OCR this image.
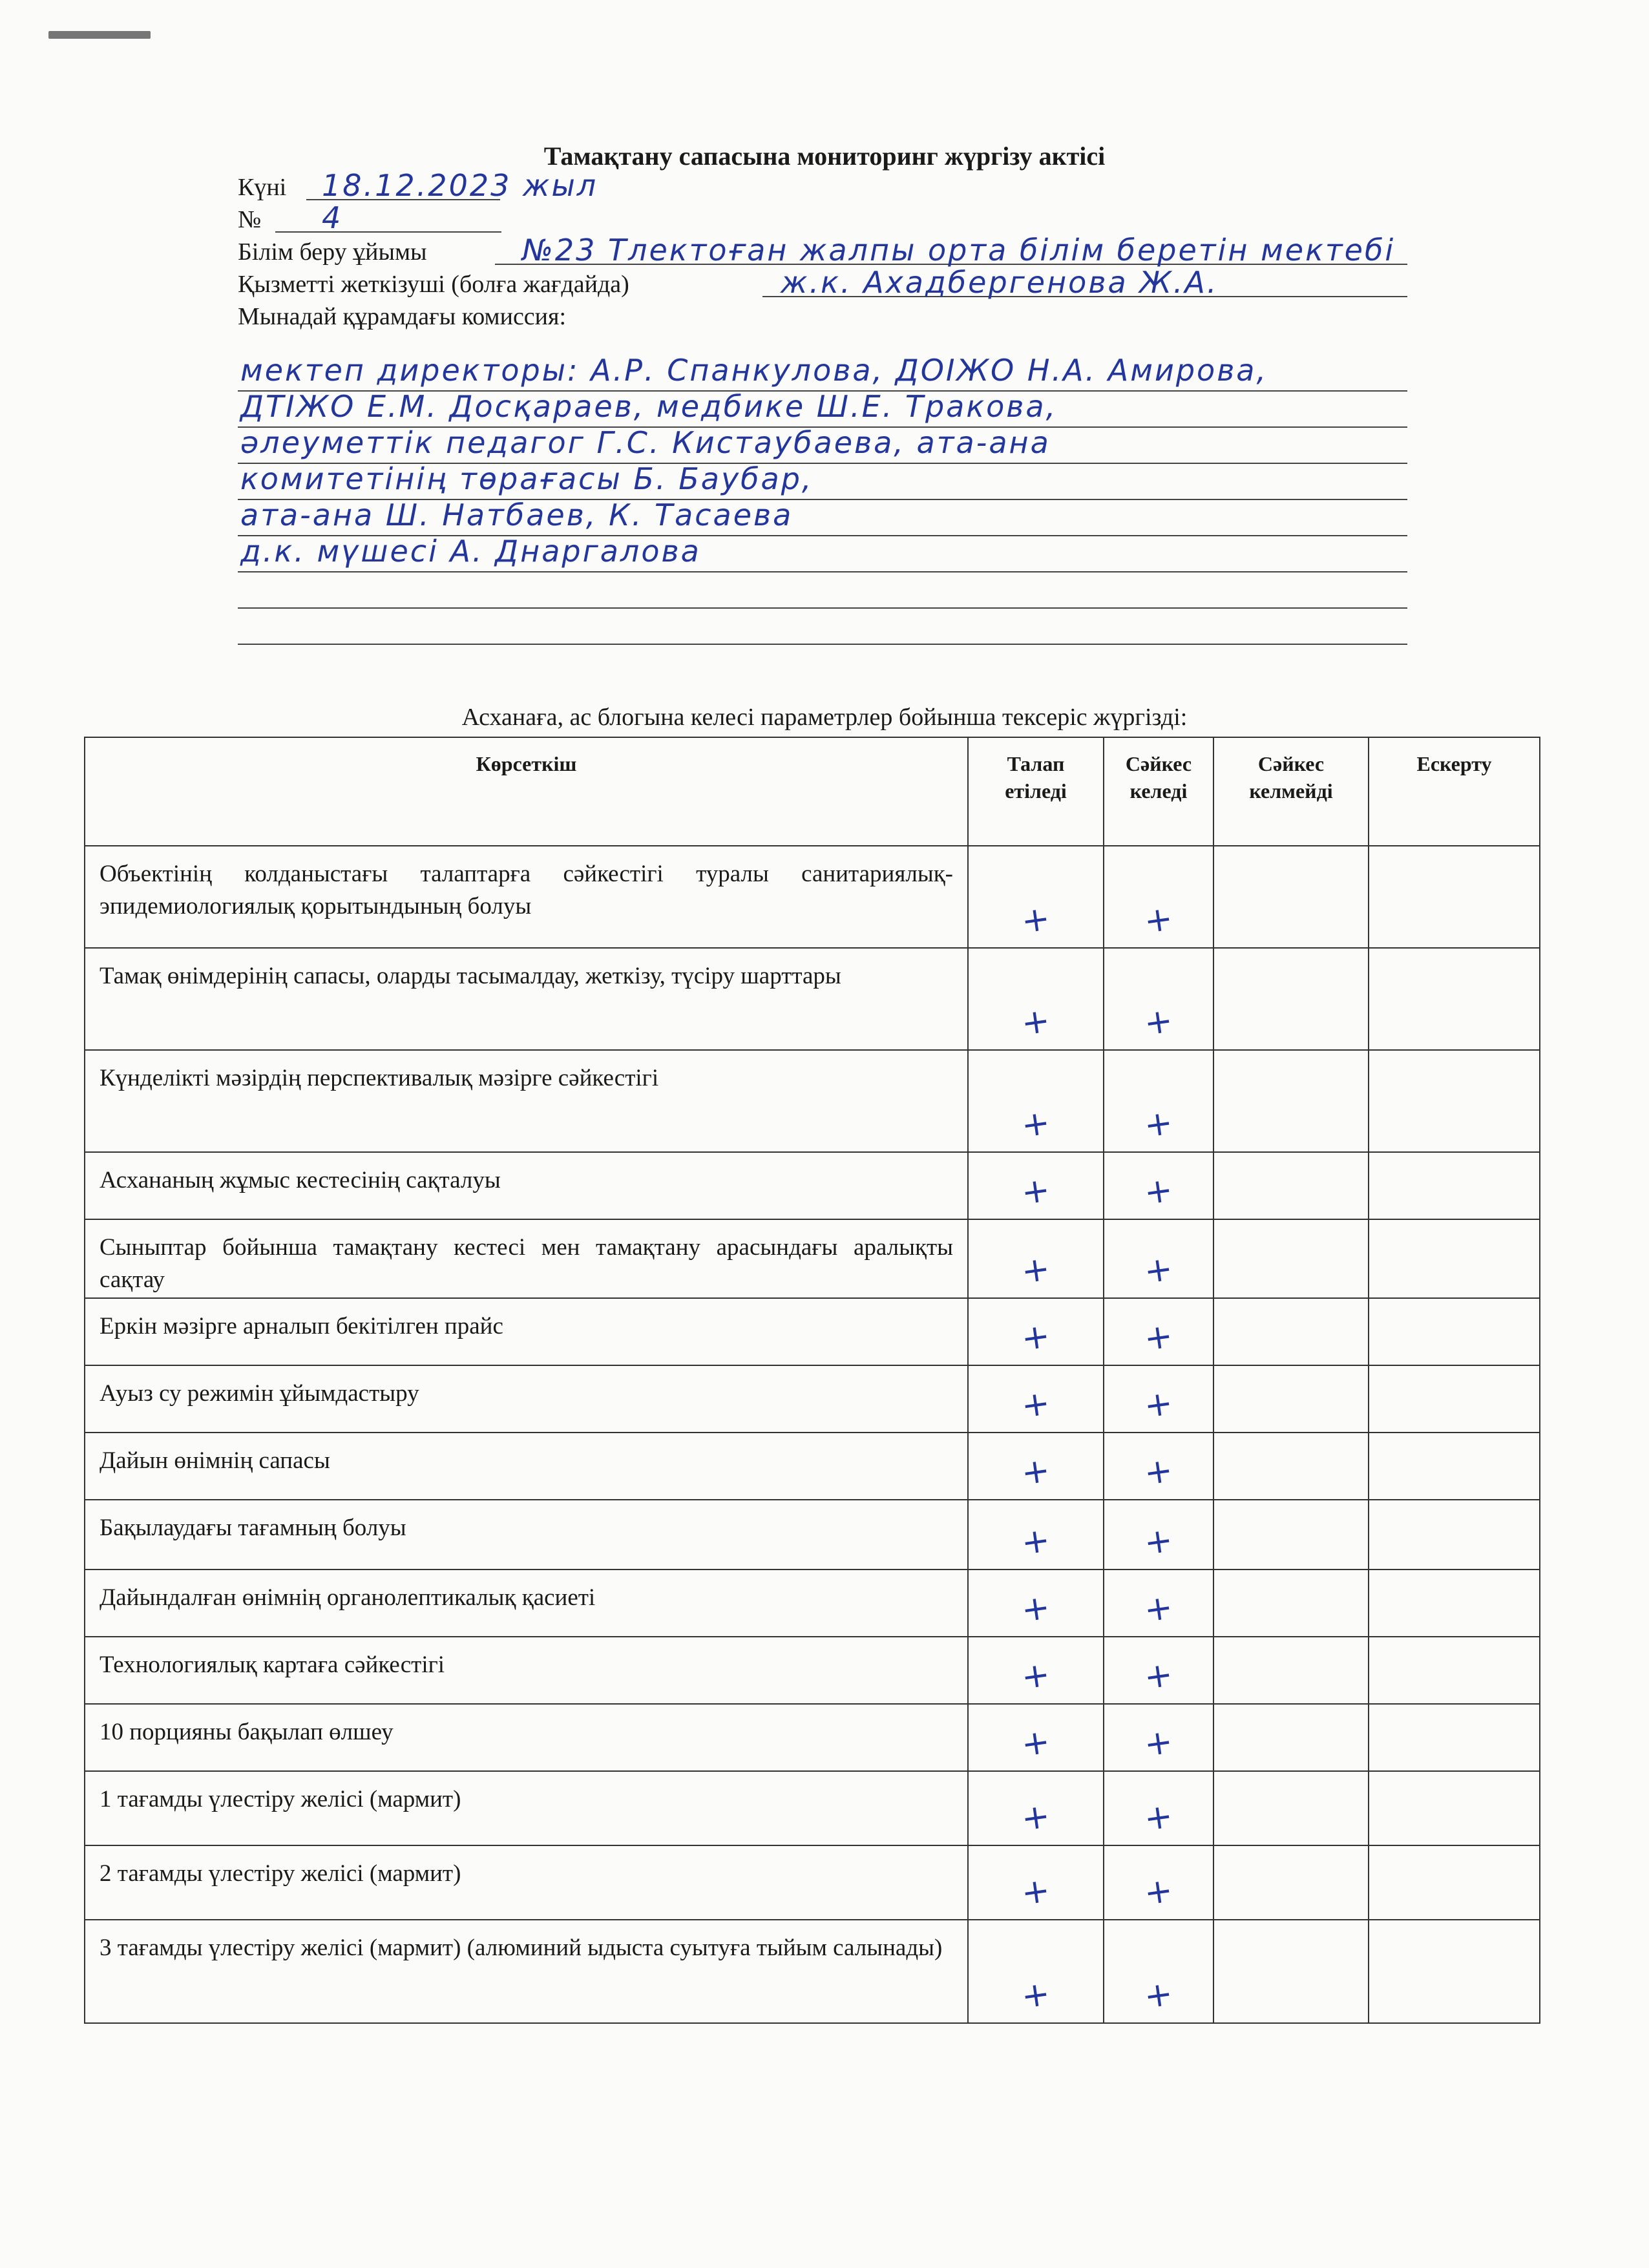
Тамақтану сапасына мониторинг жүргізу актісі
Күні 18.12.2023 жыл
№ 4
Білім беру ұйымы	№23 Тлектоған жалпы орта білім беретін мектебі
Қызметті жеткізуші (болға жағдайда)	ж.к. Ахадбергенова Ж.А.
Мынадай құрамдағы комиссия:
мектеп директоры: А.Р. Спанкулова, ДОІЖО Н.А. Амирова,
ДТІЖО Е.М. Досқараев, медбике Ш.Е. Тракова,
әлеуметтік педагог Г.С. Кистаубаева, ата-ана
комитетінің төрағасы Б. Баубар,
ата-ана Ш. Натбаев, К. Тасаева
д.к. мүшесі А. Днаргалова
Асханаға, ас блогына келесі параметрлер бойынша тексеріс жүргізді:
Көрсеткіш	Талап етіледі	Сәйкес келеді	Сәйкес келмейді	Ескерту
Объектінің колданыстағы талаптарға сәйкестігі туралы санитариялық-эпидемиологиялық қорытындының болуы	+	+		
Тамақ өнімдерінің сапасы, оларды тасымалдау, жеткізу, түсіру шарттары	+	+		
Күнделікті мәзірдің перспективалық мәзірге сәйкестігі	+	+		
Асхананың жұмыс кестесінің сақталуы	+	+		
Сыныптар бойынша тамақтану кестесі мен тамақтану арасындағы аралықты сақтау	+	+		
Еркін мәзірге арналып бекітілген прайс	+	+		
Ауыз су режимін ұйымдастыру	+	+		
Дайын өнімнің сапасы	+	+		
Бақылаудағы тағамның болуы	+	+		
Дайындалған өнімнің органолептикалық қасиеті	+	+		
Технологиялық картаға сәйкестігі	+	+		
10 порцияны бақылап өлшеу	+	+		
1 тағамды үлестіру желісі (мармит)	+	+		
2 тағамды үлестіру желісі (мармит)	+	+		
3 тағамды үлестіру желісі (мармит) (алюминий ыдыста суытуға тыйым салынады)	+	+		
